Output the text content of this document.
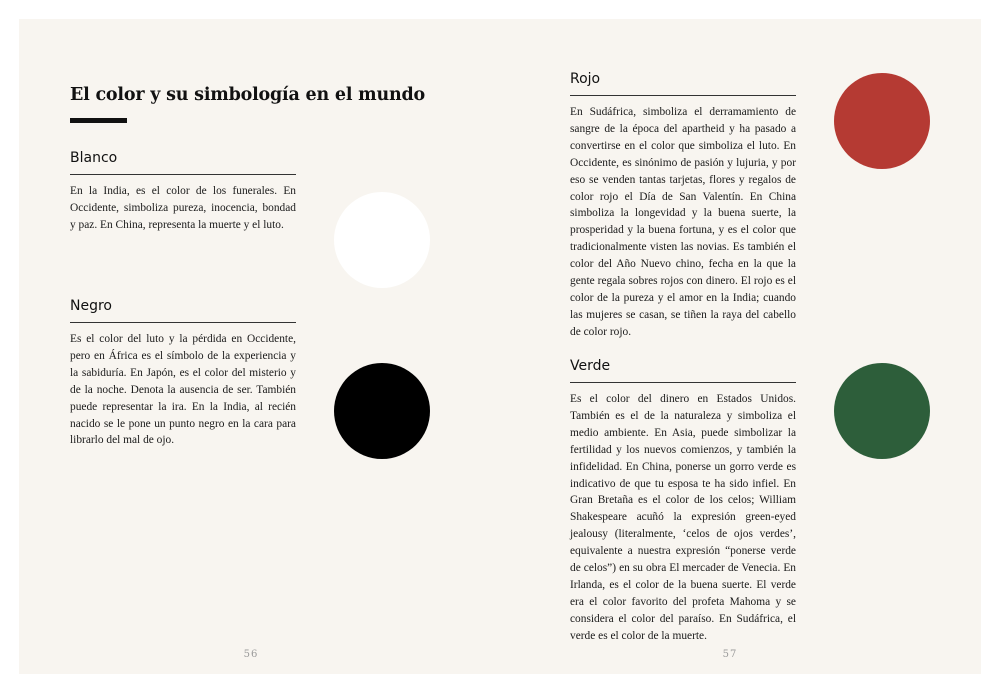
El color y su simbología en el mundo
Blanco
En la India, es el color de los funerales. En Occidente, simboliza pureza, inocencia, bondad y paz. En China, representa la muerte y el luto.
Negro
Es el color del luto y la pérdida en Occidente, pero en África es el símbolo de la experiencia y la sabiduría. En Japón, es el color del misterio y de la noche. Denota la ausencia de ser. También puede representar la ira. En la India, al recién nacido se le pone un punto negro en la cara para librarlo del mal de ojo.
56
Rojo
En Sudáfrica, simboliza el derramamiento de sangre de la época del apartheid y ha pasado a convertirse en el color que simboliza el luto. En Occidente, es sinónimo de pasión y lujuria, y por eso se venden tantas tarjetas, flores y regalos de color rojo el Día de San Valentín. En China simboliza la longevidad y la buena suerte, la prosperidad y la buena fortuna, y es el color que tradicionalmente visten las novias. Es también el color del Año Nuevo chino, fecha en la que la gente regala sobres rojos con dinero. El rojo es el color de la pureza y el amor en la India; cuando las mujeres se casan, se tiñen la raya del cabello de color rojo.
Verde
Es el color del dinero en Estados Unidos. También es el de la naturaleza y simboliza el medio ambiente. En Asia, puede simbolizar la fertilidad y los nuevos comienzos, y también la infidelidad. En China, ponerse un gorro verde es indicativo de que tu esposa te ha sido infiel. En Gran Bretaña es el color de los celos; William Shakespeare acuñó la expresión green-eyed jealousy (literalmente, ‘celos de ojos verdes’, equivalente a nuestra expresión “ponerse verde de celos”) en su obra El mercader de Venecia. En Irlanda, es el color de la buena suerte. El verde era el color favorito del profeta Mahoma y se considera el color del paraíso. En Sudáfrica, el verde es el color de la muerte.
57
